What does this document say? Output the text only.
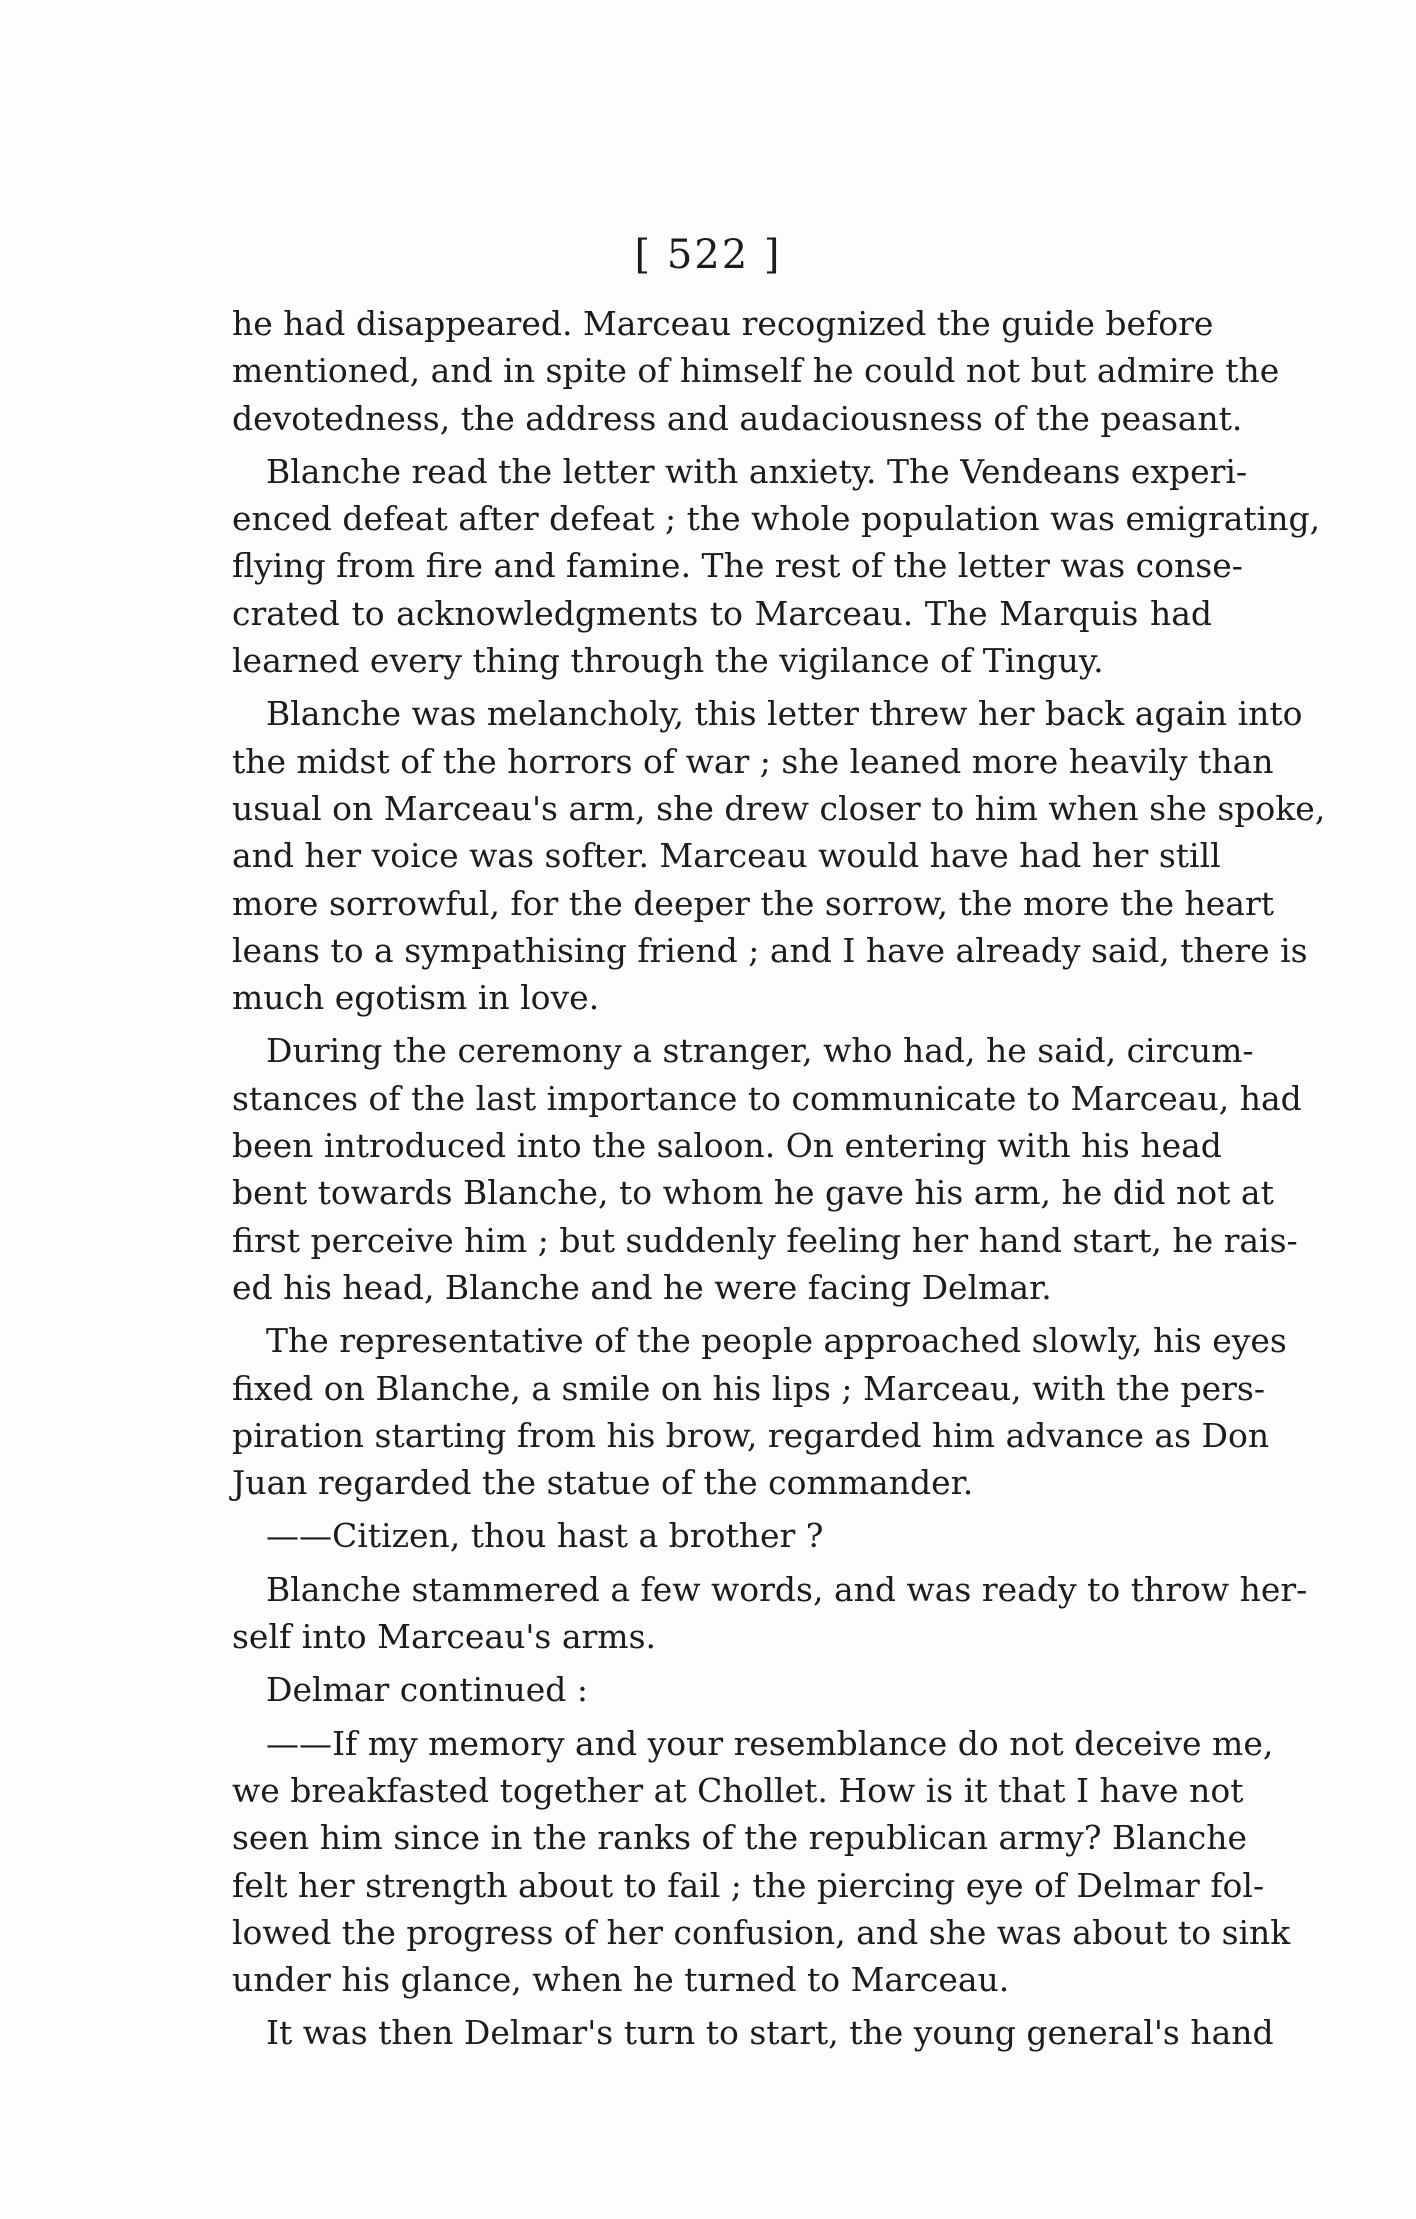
[ 522 ]
he had disappeared. Marceau recognized the guide before
mentioned, and in spite of himself he could not but admire the
devotedness, the address and audaciousness of the peasant.
Blanche read the letter with anxiety. The Vendeans experi-
enced defeat after defeat ; the whole population was emigrating,
flying from fire and famine. The rest of the letter was conse-
crated to acknowledgments to Marceau. The Marquis had
learned every thing through the vigilance of Tinguy.
Blanche was melancholy, this letter threw her back again into
the midst of the horrors of war ; she leaned more heavily than
usual on Marceau's arm, she drew closer to him when she spoke,
and her voice was softer. Marceau would have had her still
more sorrowful, for the deeper the sorrow, the more the heart
leans to a sympathising friend ; and I have already said, there is
much egotism in love.
During the ceremony a stranger, who had, he said, circum-
stances of the last importance to communicate to Marceau, had
been introduced into the saloon. On entering with his head
bent towards Blanche, to whom he gave his arm, he did not at
first perceive him ; but suddenly feeling her hand start, he rais-
ed his head, Blanche and he were facing Delmar.
The representative of the people approached slowly, his eyes
fixed on Blanche, a smile on his lips ; Marceau, with the pers-
piration starting from his brow, regarded him advance as Don
Juan regarded the statue of the commander.
——Citizen, thou hast a brother ?
Blanche stammered a few words, and was ready to throw her-
self into Marceau's arms.
Delmar continued :
——If my memory and your resemblance do not deceive me,
we breakfasted together at Chollet. How is it that I have not
seen him since in the ranks of the republican army? Blanche
felt her strength about to fail ; the piercing eye of Delmar fol-
lowed the progress of her confusion, and she was about to sink
under his glance, when he turned to Marceau.
It was then Delmar's turn to start, the young general's hand
